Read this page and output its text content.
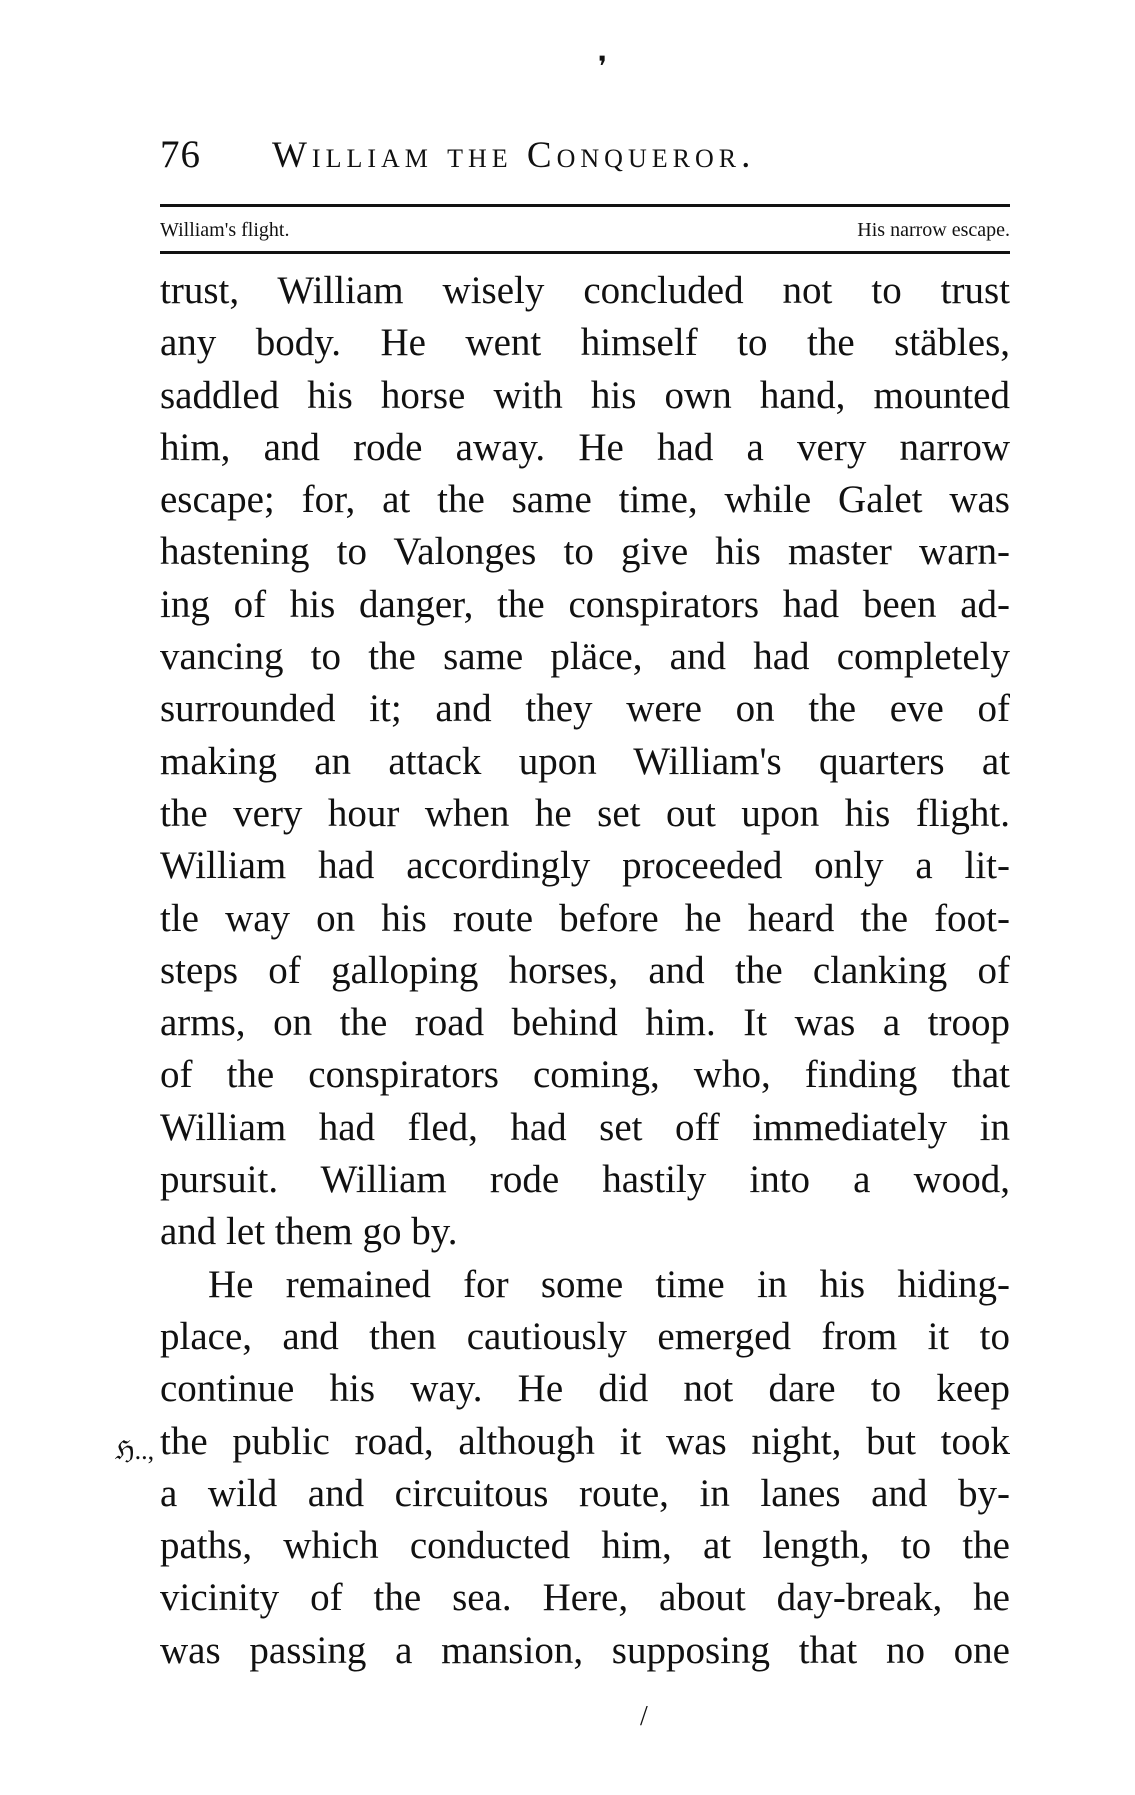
❜
76 William the Conqueror.
William's flight.	His narrow escape.
trust, William wisely concluded not to trust
any body. He went himself to the stäbles,
saddled his horse with his own hand, mounted
him, and rode away. He had a very narrow
escape; for, at the same time, while Galet was
hastening to Valonges to give his master warn-
ing of his danger, the conspirators had been ad-
vancing to the same pläce, and had completely
surrounded it; and they were on the eve of
making an attack upon William's quarters at
the very hour when he set out upon his flight.
William had accordingly proceeded only a lit-
tle way on his route before he heard the foot-
steps of galloping horses, and the clanking of
arms, on the road behind him. It was a troop
of the conspirators coming, who, finding that
William had fled, had set off immediately in
pursuit. William rode hastily into a wood,
and let them go by.
He remained for some time in his hiding-
place, and then cautiously emerged from it to
continue his way. He did not dare to keep
the public road, although it was night, but took
a wild and circuitous route, in lanes and by-
paths, which conducted him, at length, to the
vicinity of the sea. Here, about day-break, he
was passing a mansion, supposing that no one
ℌ..,
/
